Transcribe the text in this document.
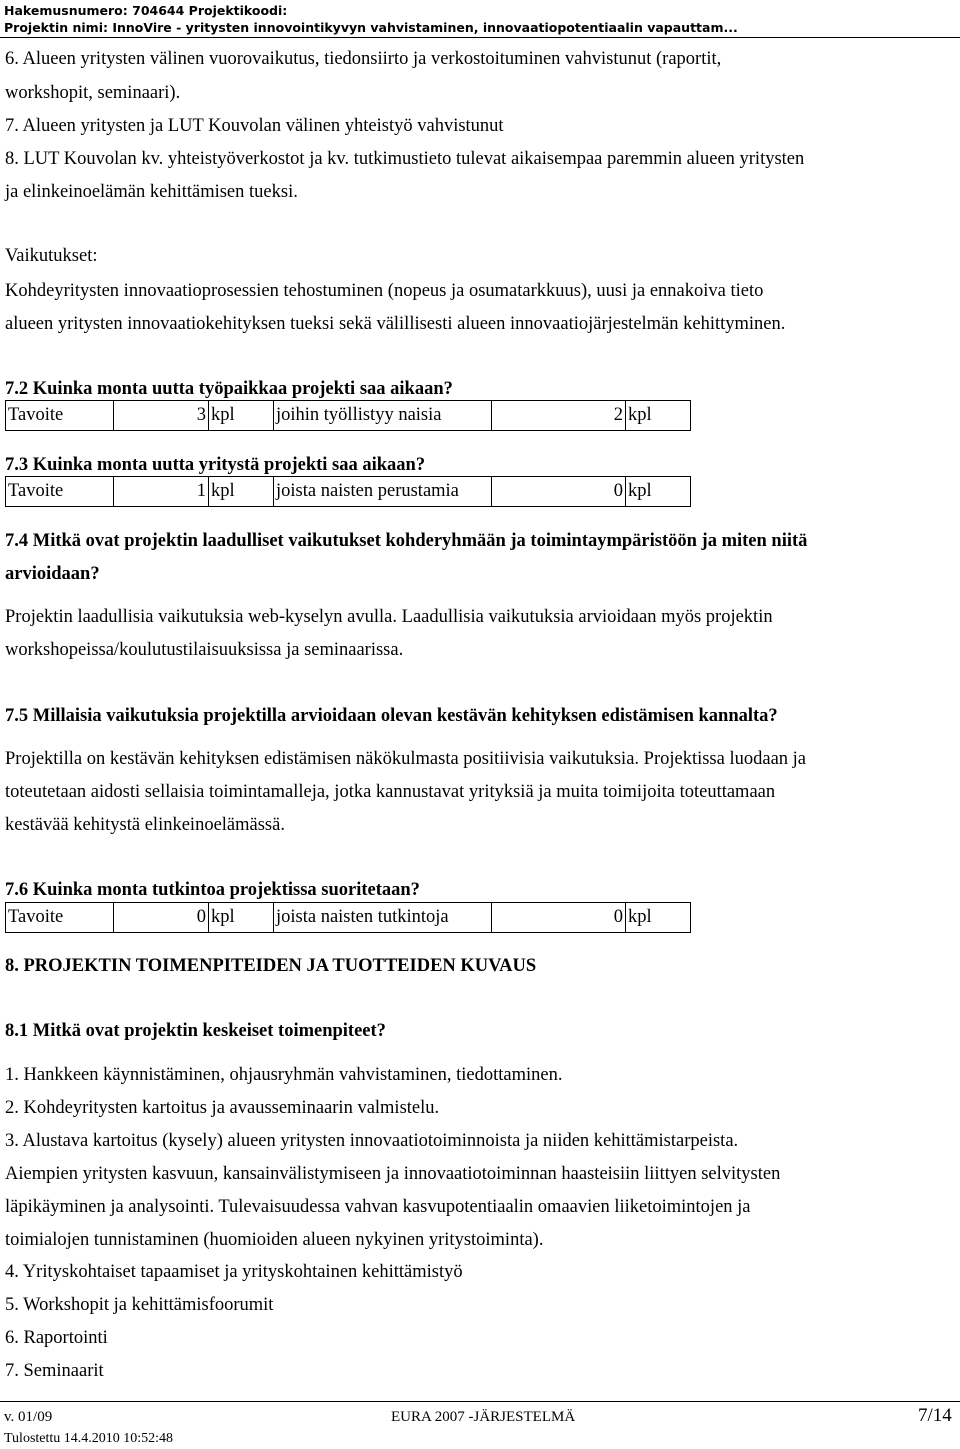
Hakemusnumero: 704644 Projektikoodi:
Projektin nimi: InnoVire - yritysten innovointikyvyn vahvistaminen, innovaatiopotentiaalin vapauttam...
6. Alueen yritysten välinen vuorovaikutus, tiedonsiirto ja verkostoituminen vahvistunut (raportit,
workshopit, seminaari).
7. Alueen yritysten ja LUT Kouvolan välinen yhteistyö vahvistunut
8. LUT Kouvolan kv. yhteistyöverkostot ja kv. tutkimustieto tulevat aikaisempaa paremmin alueen yritysten
ja elinkeinoelämän kehittämisen tueksi.
Vaikutukset:
Kohdeyritysten innovaatioprosessien tehostuminen (nopeus ja osumatarkkuus), uusi ja ennakoiva tieto
alueen yritysten innovaatiokehityksen tueksi sekä välillisesti alueen innovaatiojärjestelmän kehittyminen.
7.2 Kuinka monta uutta työpaikkaa projekti saa aikaan?
Tavoite	3	kpl	joihin työllistyy naisia	2	kpl
7.3 Kuinka monta uutta yritystä projekti saa aikaan?
Tavoite	1	kpl	joista naisten perustamia	0	kpl
7.4 Mitkä ovat projektin laadulliset vaikutukset kohderyhmään ja toimintaympäristöön ja miten niitä
arvioidaan?
Projektin laadullisia vaikutuksia web-kyselyn avulla. Laadullisia vaikutuksia arvioidaan myös projektin
workshopeissa/koulutustilaisuuksissa ja seminaarissa.
7.5 Millaisia vaikutuksia projektilla arvioidaan olevan kestävän kehityksen edistämisen kannalta?
Projektilla on kestävän kehityksen edistämisen näkökulmasta positiivisia vaikutuksia. Projektissa luodaan ja
toteutetaan aidosti sellaisia toimintamalleja, jotka kannustavat yrityksiä ja muita toimijoita toteuttamaan
kestävää kehitystä elinkeinoelämässä.
7.6 Kuinka monta tutkintoa projektissa suoritetaan?
Tavoite	0	kpl	joista naisten tutkintoja	0	kpl
8. PROJEKTIN TOIMENPITEIDEN JA TUOTTEIDEN KUVAUS
8.1 Mitkä ovat projektin keskeiset toimenpiteet?
1. Hankkeen käynnistäminen, ohjausryhmän vahvistaminen, tiedottaminen.
2. Kohdeyritysten kartoitus ja avausseminaarin valmistelu.
3. Alustava kartoitus (kysely) alueen yritysten innovaatiotoiminnoista ja niiden kehittämistarpeista.
Aiempien yritysten kasvuun, kansainvälistymiseen ja innovaatiotoiminnan haasteisiin liittyen selvitysten
läpikäyminen ja analysointi. Tulevaisuudessa vahvan kasvupotentiaalin omaavien liiketoimintojen ja
toimialojen tunnistaminen (huomioiden alueen nykyinen yritystoiminta).
4. Yrityskohtaiset tapaamiset ja yrityskohtainen kehittämistyö
5. Workshopit ja kehittämisfoorumit
6. Raportointi
7. Seminaarit
v. 01/09	EURA 2007 -JÄRJESTELMÄ	7/14
Tulostettu 14.4.2010 10:52:48
